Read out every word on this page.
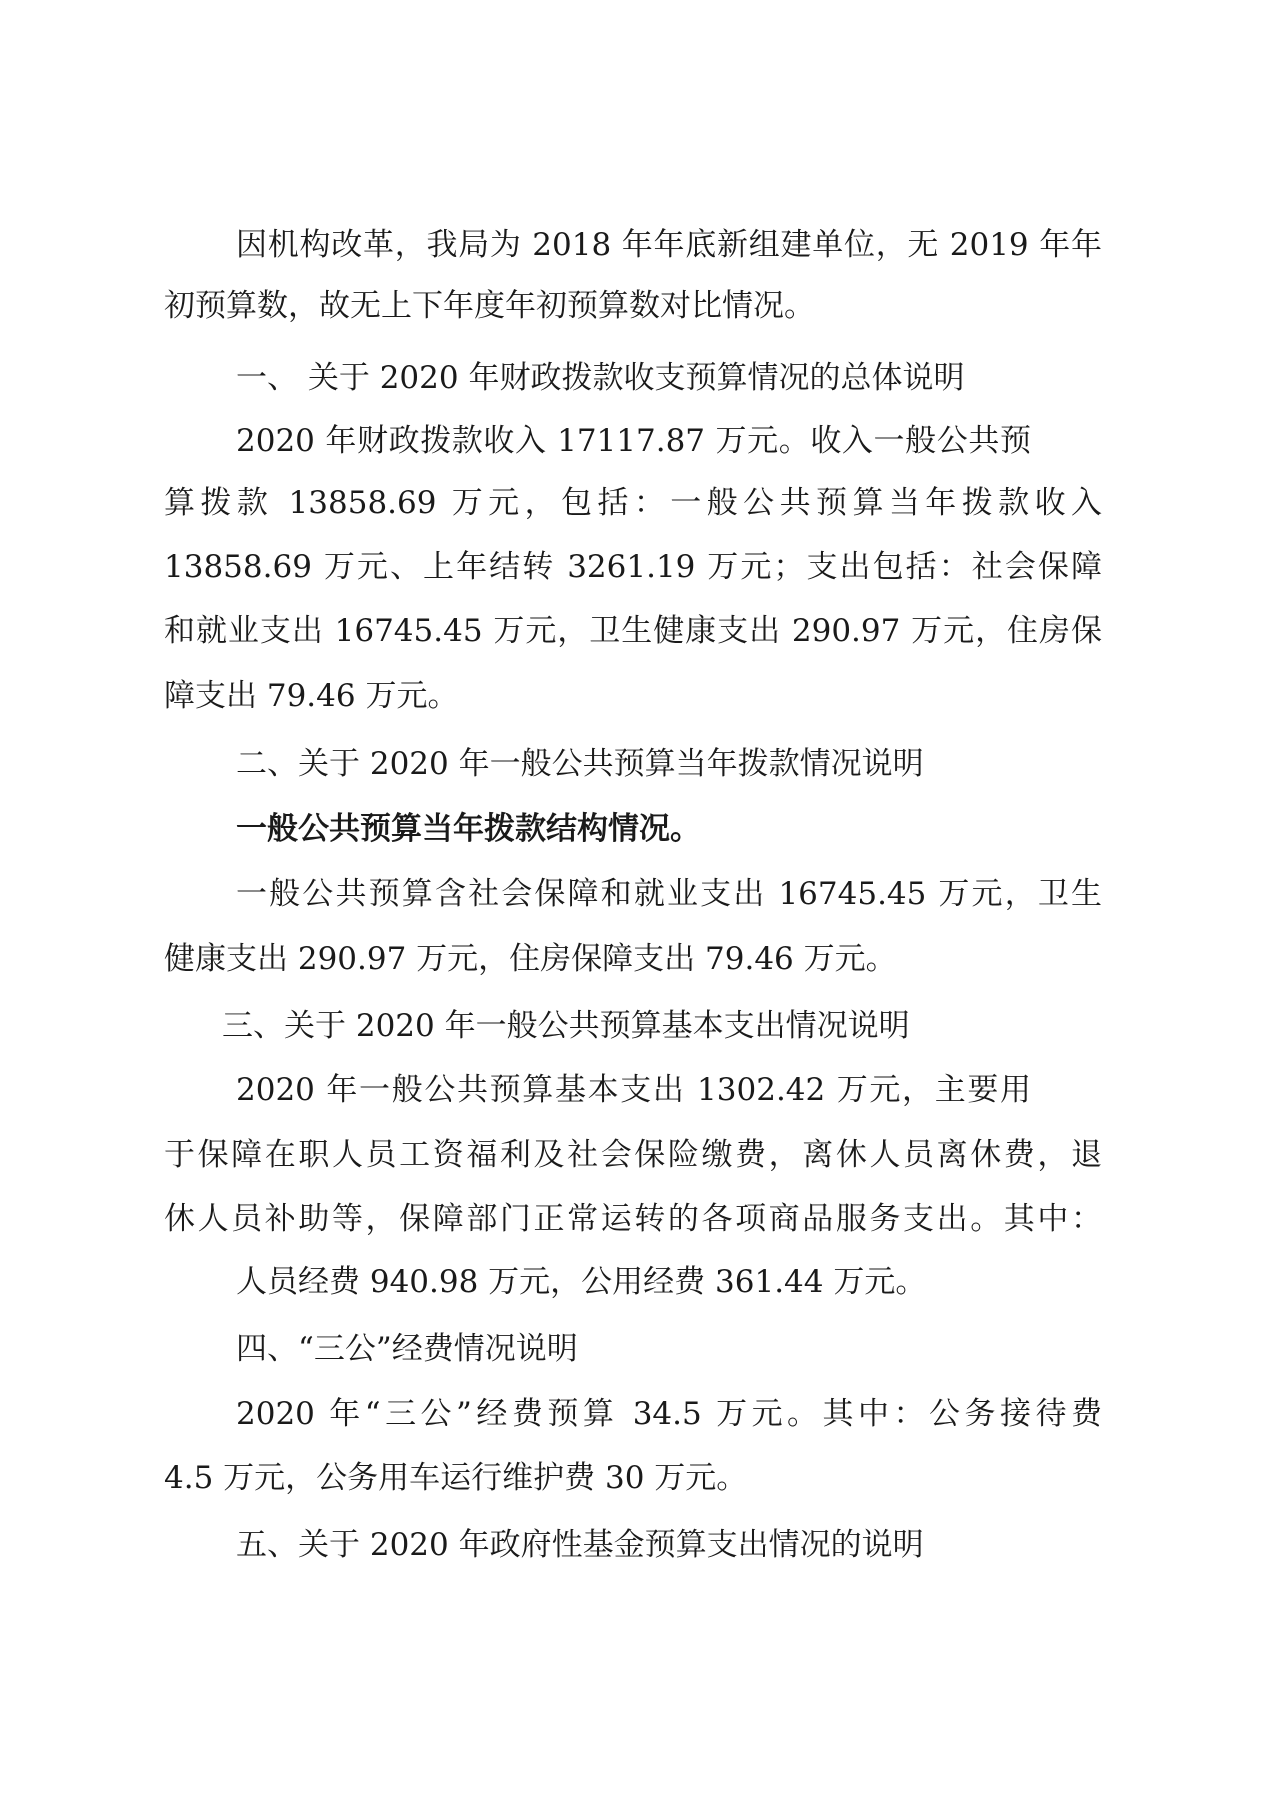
因机构改革，我局为 2018 年年底新组建单位，无 2019 年年
初预算数，故无上下年度年初预算数对比情况。
一、 关于 2020 年财政拨款收支预算情况的总体说明
2020 年财政拨款收入 17117.87 万元。收入一般公共预
算拨款 13858.69 万元，包括：一般公共预算当年拨款收入
13858.69 万元、上年结转 3261.19 万元；支出包括：社会保障
和就业支出 16745.45 万元，卫生健康支出 290.97 万元，住房保
障支出 79.46 万元。
二、关于 2020 年一般公共预算当年拨款情况说明
一般公共预算当年拨款结构情况。
一般公共预算含社会保障和就业支出 16745.45 万元，卫生
健康支出 290.97 万元，住房保障支出 79.46 万元。
三、关于 2020 年一般公共预算基本支出情况说明
2020 年一般公共预算基本支出 1302.42 万元，主要用
于保障在职人员工资福利及社会保险缴费，离休人员离休费，退
休人员补助等，保障部门正常运转的各项商品服务支出。其中：
人员经费 940.98 万元，公用经费 361.44 万元。
四、“三公”经费情况说明
2020 年“三公”经费预算 34.5 万元。其中：公务接待费
4.5 万元，公务用车运行维护费 30 万元。
五、关于 2020 年政府性基金预算支出情况的说明
